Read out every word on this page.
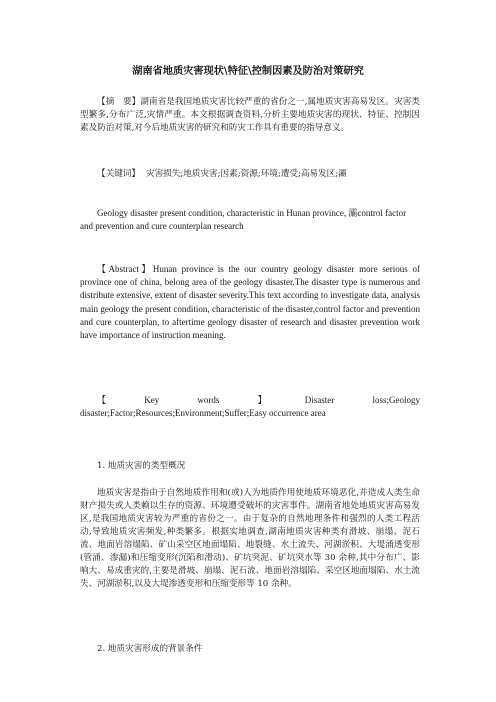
湖南省地质灾害现状\特征\控制因素及防治对策研究

【摘　要】湖南省是我国地质灾害比较严重的省份之一,属地质灾害高易发区。灾害类型繁多,分布广泛,灾情严重。本文根据调查资料,分析主要地质灾害的现状、特征、控制因素及防治对策,对今后地质灾害的研究和防灾工作具有重要的指导意义。

【关键词】 灾害损失;地质灾害;因素;资源;环境;遭受;高易发区;灞

Geology disaster present condition, characteristic in Hunan province, 灞control factor and prevention and cure counterplan research

【Abstract】Hunan province is the our country geology disaster more serious of province one of china, belong area of the geology disaster.The disaster type is numerous and distribute extensive, extent of disaster severity.This text according to investigate data, analysis main geology the present condition, characteristic of the disaster,control factor and prevention and cure counterplan, to aftertime geology disaster of research and disaster prevention work have importance of instruction meaning.

【	Key	words	】	Disaster	loss;Geology
disaster;Factor;Resources;Environment;Suffer;Easy occurrence area
1. 地质灾害的类型概况

地质灾害是指由于自然地质作用和(或)人为地质作用使地质环境恶化,并造成人类生命财产损失或人类赖以生存的资源、环境遭受破坏的灾害事件。湖南省地处地质灾害高易发区,是我国地质灾害较为严重的省份之一。由于复杂的自然地理条件和强烈的人类工程活动,导致地质灾害频发,种类繁多。根据实地调查,湖南地质灾害种类有滑坡、崩塌、泥石流、地面岩溶塌陷、矿山采空区地面塌陷、地裂缝、水土流失、河湖淤积、大堤涌透变形(管涌、渗漏)和压缩变形(沉陷和滑动)、矿坑突泥、矿坑突水等 30 余种,其中分布广、影响大、易成重灾的,主要是滑坡、崩塌、泥石流、地面岩溶塌陷、采空区地面塌陷、水土流失、河湖淤积,以及大堤渗透变形和压缩变形等 10 余种。

2. 地质灾害形成的背景条件
